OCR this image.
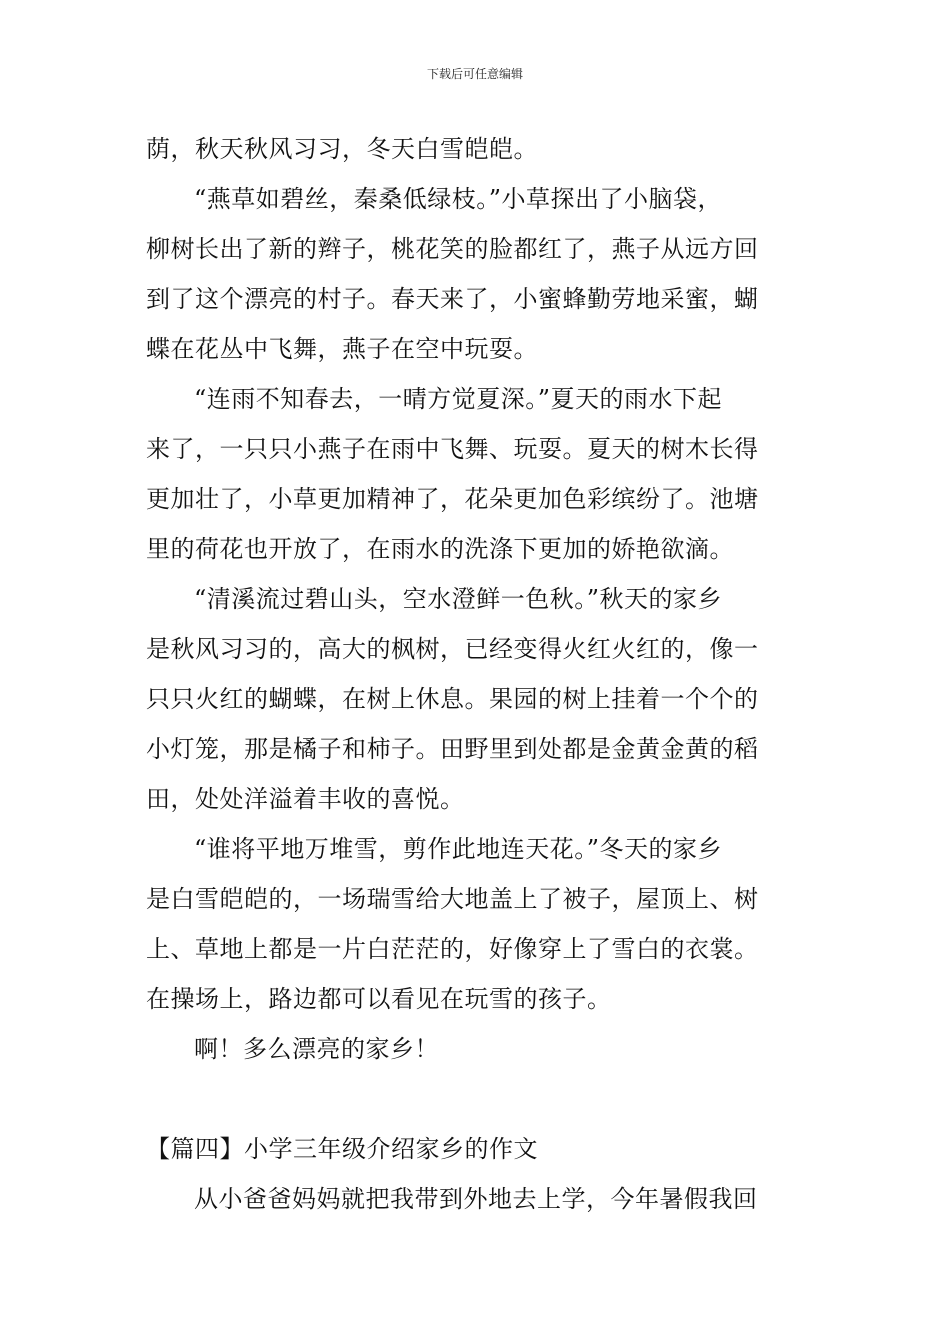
下载后可任意编辑
荫，秋天秋风习习，冬天白雪皑皑。
“燕草如碧丝，秦桑低绿枝。”小草探出了小脑袋，
柳树长出了新的辫子，桃花笑的脸都红了，燕子从远方回
到了这个漂亮的村子。春天来了，小蜜蜂勤劳地采蜜，蝴
蝶在花丛中飞舞，燕子在空中玩耍。
“连雨不知春去，一晴方觉夏深。”夏天的雨水下起
来了，一只只小燕子在雨中飞舞、玩耍。夏天的树木长得
更加壮了，小草更加精神了，花朵更加色彩缤纷了。池塘
里的荷花也开放了，在雨水的洗涤下更加的娇艳欲滴。
“清溪流过碧山头，空水澄鲜一色秋。”秋天的家乡
是秋风习习的，高大的枫树，已经变得火红火红的，像一
只只火红的蝴蝶，在树上休息。果园的树上挂着一个个的
小灯笼，那是橘子和柿子。田野里到处都是金黄金黄的稻
田，处处洋溢着丰收的喜悦。
“谁将平地万堆雪，剪作此地连天花。”冬天的家乡
是白雪皑皑的，一场瑞雪给大地盖上了被子，屋顶上、树
上、草地上都是一片白茫茫的，好像穿上了雪白的衣裳。
在操场上，路边都可以看见在玩雪的孩子。
啊！多么漂亮的家乡！
【篇四】小学三年级介绍家乡的作文
从小爸爸妈妈就把我带到外地去上学，今年暑假我回
